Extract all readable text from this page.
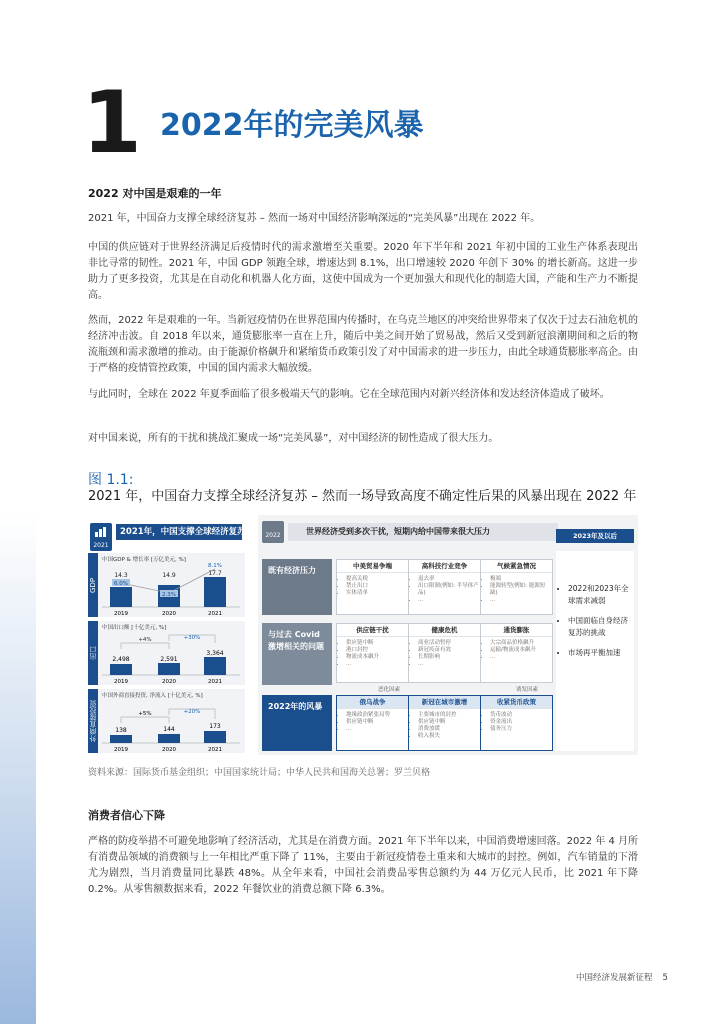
1 2022年的完美风暴
2022 对中国是艰难的一年
2021 年，中国奋力支撑全球经济复苏 – 然而一场对中国经济影响深远的“完美风暴”出现在 2022 年。
中国的供应链对于世界经济满足后疫情时代的需求激增至关重要。2020 年下半年和 2021 年初中国的工业生产体系表现出非比寻常的韧性。2021 年，中国 GDP 领跑全球，增速达到 8.1%，出口增速较 2020 年创下 30% 的增长新高。这进一步助力了更多投资，尤其是在自动化和机器人化方面，这使中国成为一个更加强大和现代化的制造大国，产能和生产力不断提高。
然而，2022 年是艰难的一年。当新冠疫情仍在世界范围内传播时，在乌克兰地区的冲突给世界带来了仅次于过去石油危机的经济冲击波。自 2018 年以来，通货膨胀率一直在上升，随后中美之间开始了贸易战，然后又受到新冠浪潮期间和之后的物流瓶颈和需求激增的推动。由于能源价格飙升和紧缩货币政策引发了对中国需求的进一步压力，由此全球通货膨胀率高企。由于严格的疫情管控政策，中国的国内需求大幅放缓。
与此同时，全球在 2022 年夏季面临了很多极端天气的影响。它在全球范围内对新兴经济体和发达经济体造成了破坏。
对中国来说，所有的干扰和挑战汇聚成一场“完美风暴”，对中国经济的韧性造成了很大压力。
图 1.1:
2021 年，中国奋力支撑全球经济复苏 – 然而一场导致高度不确定性后果的风暴出现在 2022 年
2021
2021年，中国支撑全球经济复苏
GDP
中国GDP & 增长率 [万亿美元, %]
14.3	14.9	17.7
6.0%
2.3%
8.1%
2019	2020	2021
出口
中国出口额 [十亿美元, %]
2,498	2,591
3,364
+4%	+30%
2019	2020	2021
外商直接投资
中国外商直接投资, 净流入 [十亿美元, %]
138	144	173
+5%	+20%
2019	2020	2021
2022	世界经济受到多次干扰，短期内给中国带来很大压力	2023年及以后
既有经济压力	中美贸易争端
• 提高关税
• 禁止出口
• 实体清单
高科技行业竞争
• 退去率
• 出口限制(例如: 半导体产品)
• …
气候紧急情况
• 极端
• 能源转型(例如: 能源短缺)
• …
与过去 Covid 激增相关的问题
供应链干扰
• 供应链中断
• 港口封控
• 物流成本飙升
• …
健康危机
• 商业活动暂停
• 新冠疫苗有效
• 长期影响
• …
通货膨胀
• 大宗商品价格飙升
• 运输/物流成本飙升
• …
恶化因素	诱发因素
2022年的风暴	俄乌战争
• 地缘政治紧张局势
• 供应链中断
• …
新冠在城市激增
• 主要城市的封控
• 供应链中断
• 消费放缓
• 收入损失
收紧货币政策
• 货币波动
• 资金流出
• 债务压力
• 2022和2023年全球需求减弱
• 中国面临自身经济复苏的挑战
• 市场再平衡加速
资料来源：国际货币基金组织；中国国家统计局；中华人民共和国海关总署；罗兰贝格
消费者信心下降
严格的防疫举措不可避免地影响了经济活动，尤其是在消费方面。2021 年下半年以来，中国消费增速回落。2022 年 4 月所有消费品领域的消费额与上一年相比严重下降了 11%，主要由于新冠疫情卷土重来和大城市的封控。例如，汽车销量的下滑尤为剧烈，当月消费量同比暴跌 48%。从全年来看，中国社会消费品零售总额约为 44 万亿元人民币，比 2021 年下降 0.2%。从零售额数据来看，2022 年餐饮业的消费总额下降 6.3%。
中国经济发展新征程 5
